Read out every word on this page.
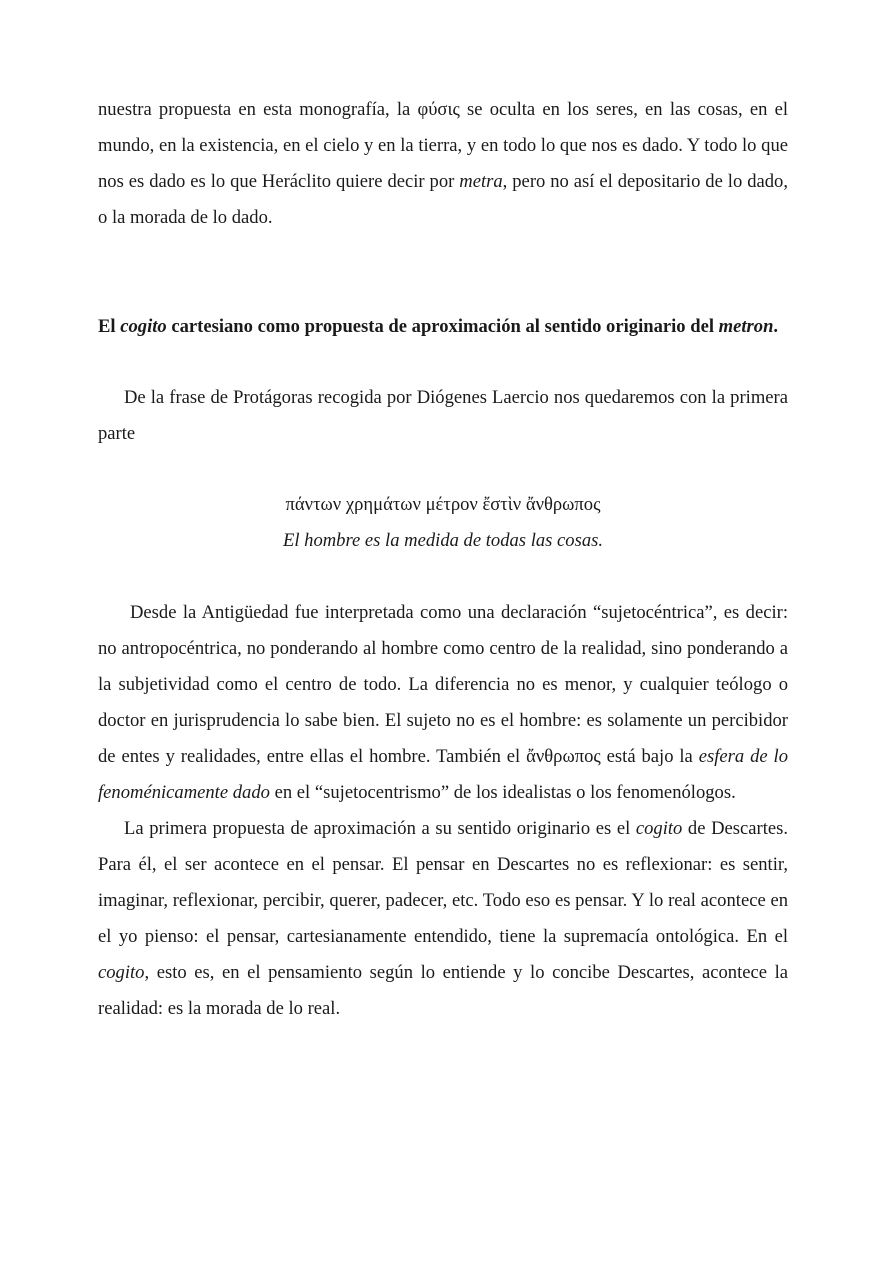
nuestra propuesta en esta monografía, la φύσις se oculta en los seres, en las cosas, en el mundo, en la existencia, en el cielo y en la tierra, y en todo lo que nos es dado. Y todo lo que nos es dado es lo que Heráclito quiere decir por metra, pero no así el depositario de lo dado, o la morada de lo dado.

El cogito cartesiano como propuesta de aproximación al sentido originario del metron.

De la frase de Protágoras recogida por Diógenes Laercio nos quedaremos con la primera parte

πάντων χρημάτων μέτρον ἔστὶν ἄνθρωπος

El hombre es la medida de todas las cosas.

Desde la Antigüedad fue interpretada como una declaración “sujetocéntrica”, es decir: no antropocéntrica, no ponderando al hombre como centro de la realidad, sino ponderando a la subjetividad como el centro de todo. La diferencia no es menor, y cualquier teólogo o doctor en jurisprudencia lo sabe bien. El sujeto no es el hombre: es solamente un percibidor de entes y realidades, entre ellas el hombre. También el ἄνθρωπος está bajo la esfera de lo fenoménicamente dado en el “sujetocentrismo” de los idealistas o los fenomenólogos.

La primera propuesta de aproximación a su sentido originario es el cogito de Descartes. Para él, el ser acontece en el pensar. El pensar en Descartes no es reflexionar: es sentir, imaginar, reflexionar, percibir, querer, padecer, etc. Todo eso es pensar. Y lo real acontece en el yo pienso: el pensar, cartesianamente entendido, tiene la supremacía ontológica. En el cogito, esto es, en el pensamiento según lo entiende y lo concibe Descartes, acontece la realidad: es la morada de lo real.
